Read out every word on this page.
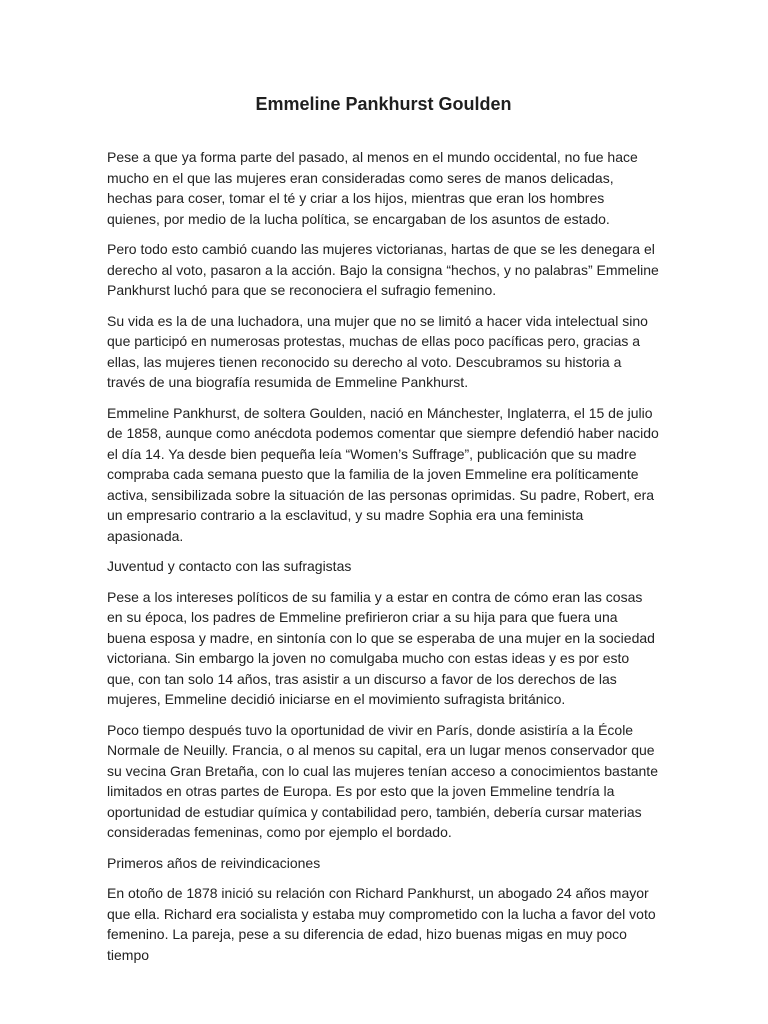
Emmeline Pankhurst Goulden

Pese a que ya forma parte del pasado, al menos en el mundo occidental, no fue hace mucho en el que las mujeres eran consideradas como seres de manos delicadas, hechas para coser, tomar el té y criar a los hijos, mientras que eran los hombres quienes, por medio de la lucha política, se encargaban de los asuntos de estado.

Pero todo esto cambió cuando las mujeres victorianas, hartas de que se les denegara el derecho al voto, pasaron a la acción. Bajo la consigna “hechos, y no palabras” Emmeline Pankhurst luchó para que se reconociera el sufragio femenino.

Su vida es la de una luchadora, una mujer que no se limitó a hacer vida intelectual sino que participó en numerosas protestas, muchas de ellas poco pacíficas pero, gracias a ellas, las mujeres tienen reconocido su derecho al voto. Descubramos su historia a través de una biografía resumida de Emmeline Pankhurst.

Emmeline Pankhurst, de soltera Goulden, nació en Mánchester, Inglaterra, el 15 de julio de 1858, aunque como anécdota podemos comentar que siempre defendió haber nacido el día 14. Ya desde bien pequeña leía “Women’s Suffrage”, publicación que su madre compraba cada semana puesto que la familia de la joven Emmeline era políticamente activa, sensibilizada sobre la situación de las personas oprimidas. Su padre, Robert, era un empresario contrario a la esclavitud, y su madre Sophia era una feminista apasionada.

Juventud y contacto con las sufragistas

Pese a los intereses políticos de su familia y a estar en contra de cómo eran las cosas en su época, los padres de Emmeline prefirieron criar a su hija para que fuera una buena esposa y madre, en sintonía con lo que se esperaba de una mujer en la sociedad victoriana. Sin embargo la joven no comulgaba mucho con estas ideas y es por esto que, con tan solo 14 años, tras asistir a un discurso a favor de los derechos de las mujeres, Emmeline decidió iniciarse en el movimiento sufragista británico.

Poco tiempo después tuvo la oportunidad de vivir en París, donde asistiría a la École Normale de Neuilly. Francia, o al menos su capital, era un lugar menos conservador que su vecina Gran Bretaña, con lo cual las mujeres tenían acceso a conocimientos bastante limitados en otras partes de Europa. Es por esto que la joven Emmeline tendría la oportunidad de estudiar química y contabilidad pero, también, debería cursar materias consideradas femeninas, como por ejemplo el bordado.

Primeros años de reivindicaciones

En otoño de 1878 inició su relación con Richard Pankhurst, un abogado 24 años mayor que ella. Richard era socialista y estaba muy comprometido con la lucha a favor del voto femenino. La pareja, pese a su diferencia de edad, hizo buenas migas en muy poco tiempo
